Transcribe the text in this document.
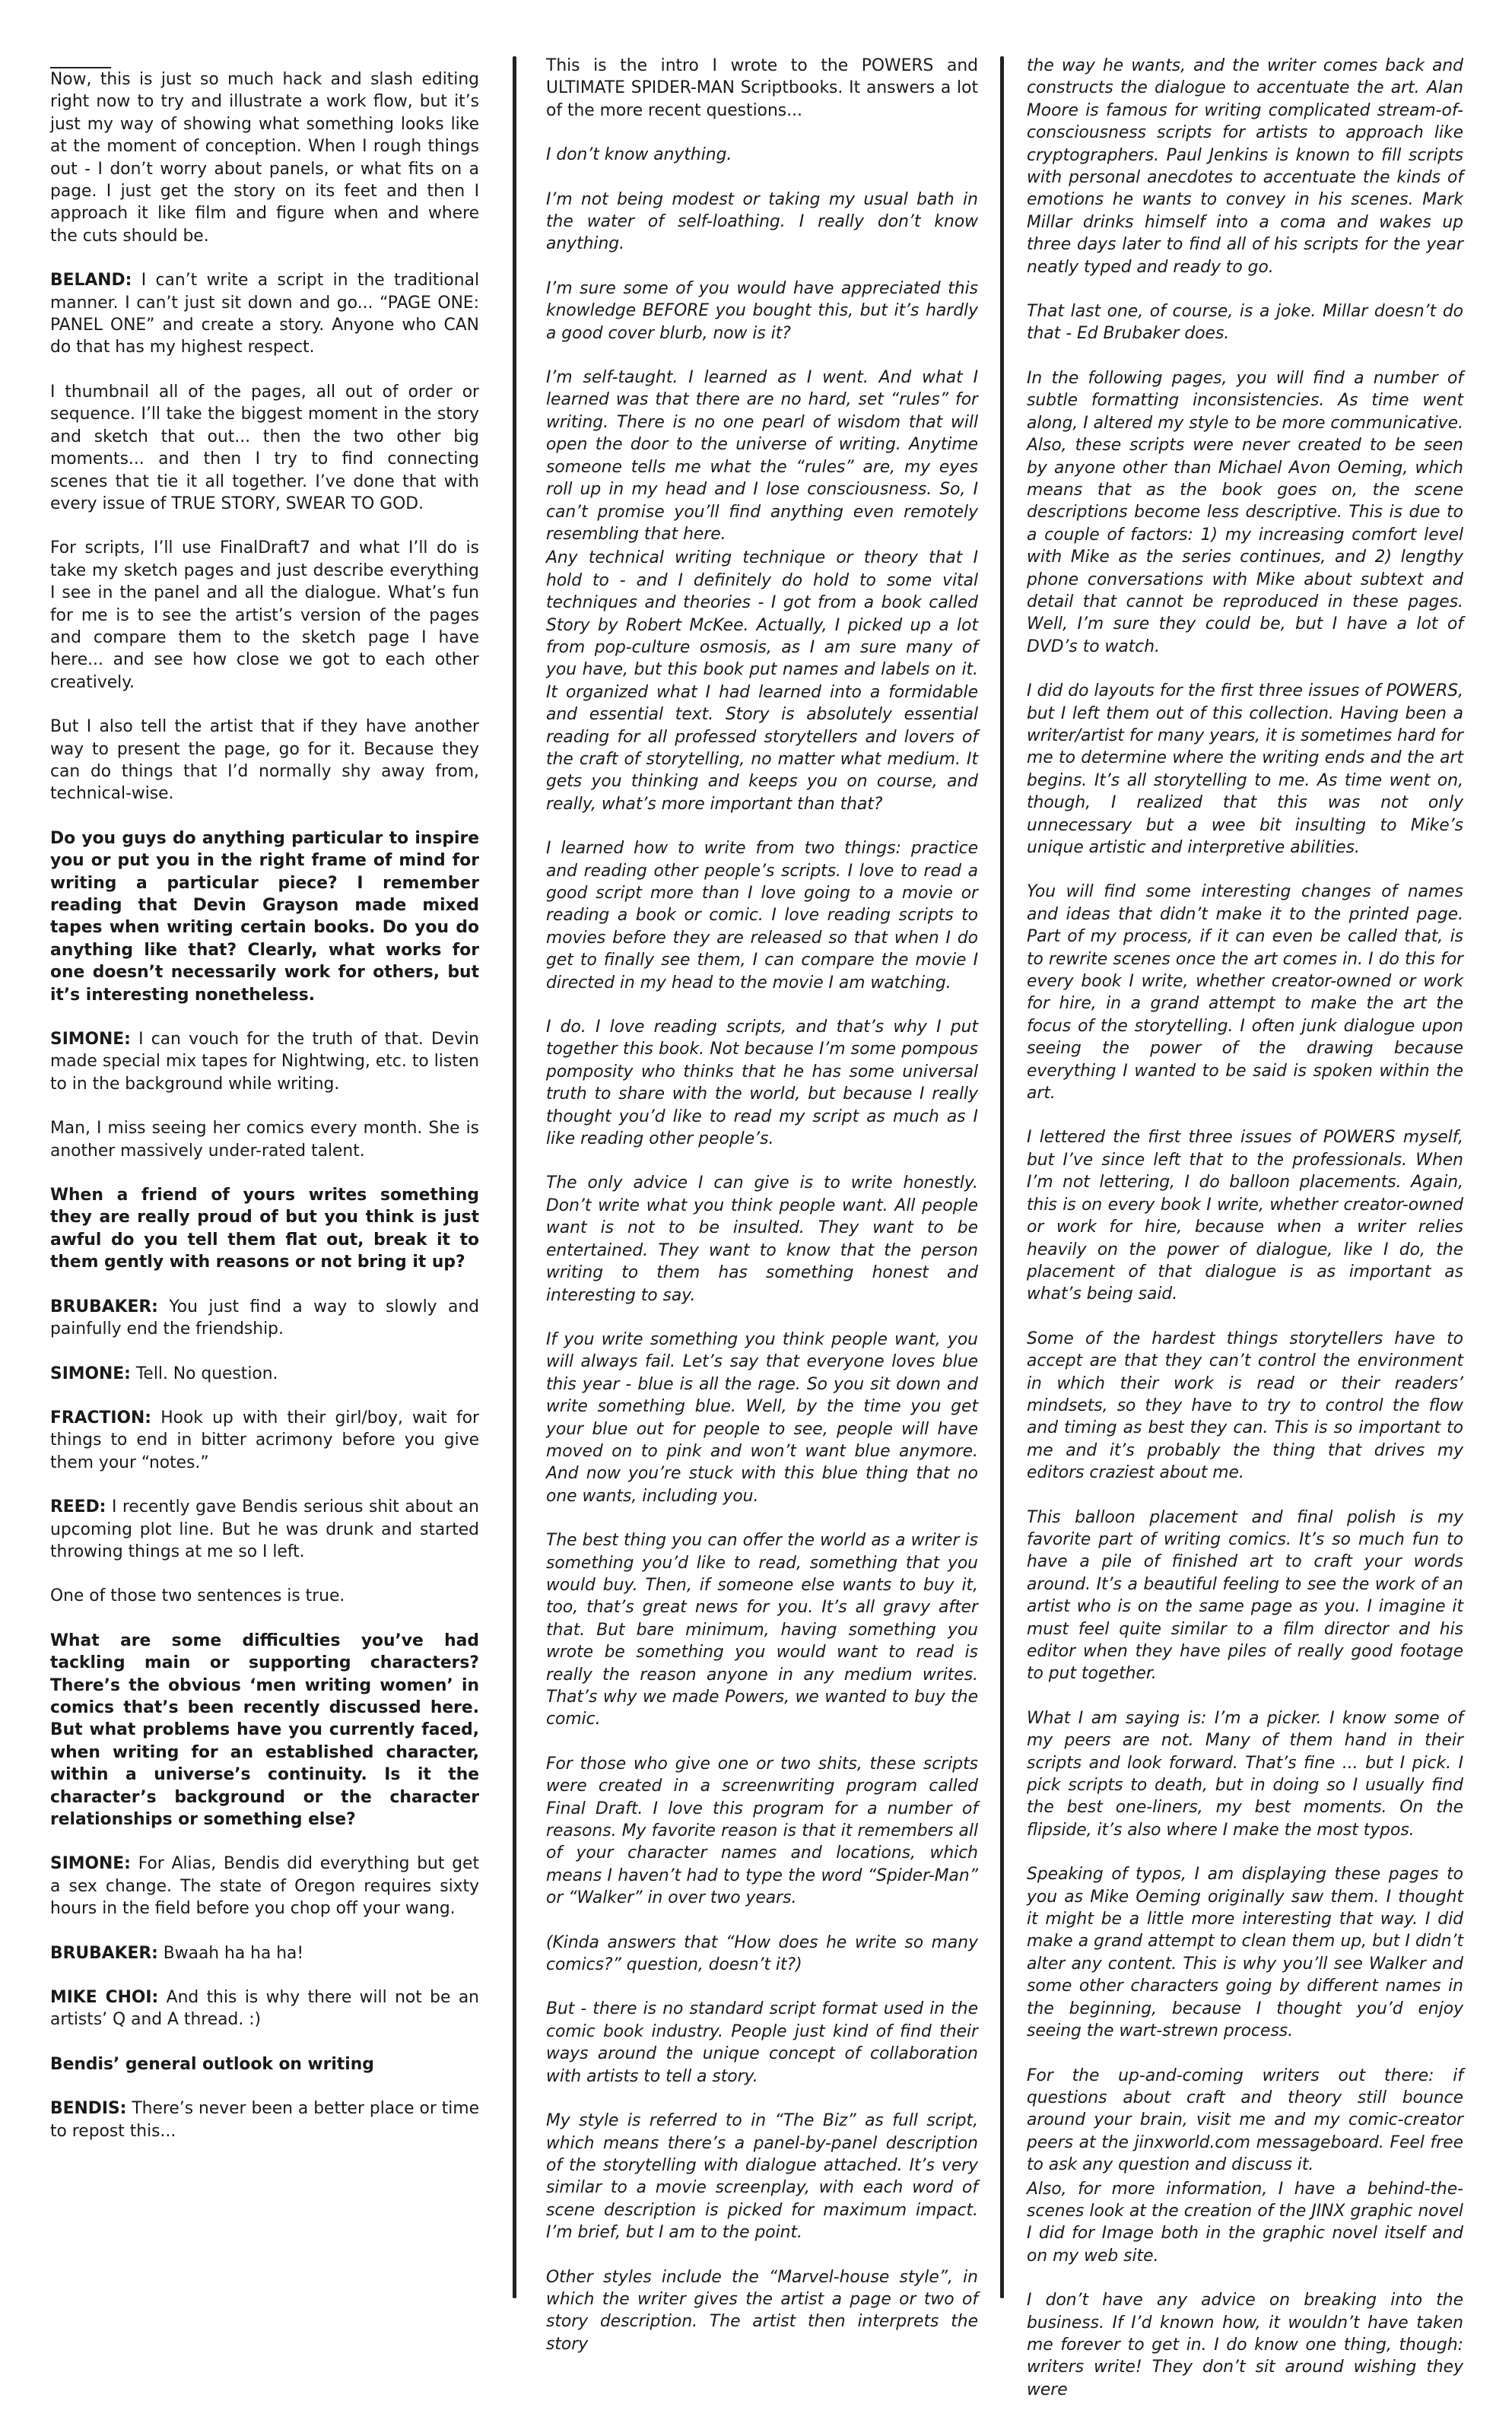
Now, this is just so much hack and slash editing right now to try and illustrate a work flow, but it’s just my way of showing what something looks like at the moment of conception. When I rough things out - I don’t worry about panels, or what fits on a page. I just get the story on its feet and then I approach it like film and figure when and where the cuts should be.

BELAND: I can’t write a script in the traditional manner. I can’t just sit down and go... “PAGE ONE: PANEL ONE” and create a story. Anyone who CAN do that has my highest respect.

I thumbnail all of the pages, all out of order or sequence. I’ll take the biggest moment in the story and sketch that out... then the two other big moments... and then I try to find connecting scenes that tie it all together. I’ve done that with every issue of TRUE STORY, SWEAR TO GOD.

For scripts, I’ll use FinalDraft7 and what I’ll do is take my sketch pages and just describe everything I see in the panel and all the dialogue. What’s fun for me is to see the artist’s version of the pages and compare them to the sketch page I have here... and see how close we got to each other creatively.

But I also tell the artist that if they have another way to present the page, go for it. Because they can do things that I’d normally shy away from, technical-wise.

Do you guys do anything particular to inspire you or put you in the right frame of mind for writing a particular piece? I remember reading that Devin Grayson made mixed tapes when writing certain books. Do you do anything like that? Clearly, what works for one doesn’t necessarily work for others, but it’s interesting nonetheless.

SIMONE: I can vouch for the truth of that. Devin made special mix tapes for Nightwing, etc. to listen to in the background while writing.

Man, I miss seeing her comics every month. She is another massively under-rated talent.

When a friend of yours writes something they are really proud of but you think is just awful do you tell them flat out, break it to them gently with reasons or not bring it up?

BRUBAKER: You just find a way to slowly and painfully end the friendship.

SIMONE: Tell. No question.

FRACTION: Hook up with their girl/boy, wait for things to end in bitter acrimony before you give them your “notes.”

REED: I recently gave Bendis serious shit about an upcoming plot line. But he was drunk and started throwing things at me so I left.

One of those two sentences is true.

What are some difficulties you’ve had tackling main or supporting characters? There’s the obvious ‘men writing women’ in comics that’s been recently discussed here. But what problems have you currently faced, when writing for an established character, within a universe’s continuity. Is it the character’s background or the character relationships or something else?

SIMONE: For Alias, Bendis did everything but get a sex change. The state of Oregon requires sixty hours in the field before you chop off your wang.

BRUBAKER: Bwaah ha ha ha!

MIKE CHOI: And this is why there will not be an artists’ Q and A thread. :)

Bendis’ general outlook on writing

BENDIS: There’s never been a better place or time to repost this...

This is the intro I wrote to the POWERS and ULTIMATE SPIDER-MAN Scriptbooks. It answers a lot of the more recent questions...

I don’t know anything.

I’m not being modest or taking my usual bath in the water of self-loathing. I really don’t know anything.

I’m sure some of you would have appreciated this knowledge BEFORE you bought this, but it’s hardly a good cover blurb, now is it?

I’m self-taught. I learned as I went. And what I learned was that there are no hard, set “rules” for writing. There is no one pearl of wisdom that will open the door to the universe of writing. Anytime someone tells me what the “rules” are, my eyes roll up in my head and I lose consciousness. So, I can’t promise you’ll find anything even remotely resembling that here.

Any technical writing technique or theory that I hold to - and I definitely do hold to some vital techniques and theories - I got from a book called Story by Robert McKee. Actually, I picked up a lot from pop-culture osmosis, as I am sure many of you have, but this book put names and labels on it. It organized what I had learned into a formidable and essential text. Story is absolutely essential reading for all professed storytellers and lovers of the craft of storytelling, no matter what medium. It gets you thinking and keeps you on course, and really, what’s more important than that?

I learned how to write from two things: practice and reading other people’s scripts. I love to read a good script more than I love going to a movie or reading a book or comic. I love reading scripts to movies before they are released so that when I do get to finally see them, I can compare the movie I directed in my head to the movie I am watching.

I do. I love reading scripts, and that’s why I put together this book. Not because I’m some pompous pomposity who thinks that he has some universal truth to share with the world, but because I really thought you’d like to read my script as much as I like reading other people’s.

The only advice I can give is to write honestly. Don’t write what you think people want. All people want is not to be insulted. They want to be entertained. They want to know that the person writing to them has something honest and interesting to say.

If you write something you think people want, you will always fail. Let’s say that everyone loves blue this year - blue is all the rage. So you sit down and write something blue. Well, by the time you get your blue out for people to see, people will have moved on to pink and won’t want blue anymore. And now you’re stuck with this blue thing that no one wants, including you.

The best thing you can offer the world as a writer is something you’d like to read, something that you would buy. Then, if someone else wants to buy it, too, that’s great news for you. It’s all gravy after that. But bare minimum, having something you wrote be something you would want to read is really the reason anyone in any medium writes. That’s why we made Powers, we wanted to buy the comic.

For those who give one or two shits, these scripts were created in a screenwriting program called Final Draft. I love this program for a number of reasons. My favorite reason is that it remembers all of your character names and locations, which means I haven’t had to type the word “Spider-Man” or “Walker” in over two years.

(Kinda answers that “How does he write so many comics?” question, doesn’t it?)

But - there is no standard script format used in the comic book industry. People just kind of find their ways around the unique concept of collaboration with artists to tell a story.

My style is referred to in “The Biz” as full script, which means there’s a panel-by-panel description of the storytelling with dialogue attached. It’s very similar to a movie screenplay, with each word of scene description is picked for maximum impact. I’m brief, but I am to the point.

Other styles include the “Marvel-house style”, in which the writer gives the artist a page or two of story description. The artist then interprets the story

the way he wants, and the writer comes back and constructs the dialogue to accentuate the art. Alan Moore is famous for writing complicated stream-of-consciousness scripts for artists to approach like cryptographers. Paul Jenkins is known to fill scripts with personal anecdotes to accentuate the kinds of emotions he wants to convey in his scenes. Mark Millar drinks himself into a coma and wakes up three days later to find all of his scripts for the year neatly typed and ready to go.

That last one, of course, is a joke. Millar doesn’t do that - Ed Brubaker does.

In the following pages, you will find a number of subtle formatting inconsistencies. As time went along, I altered my style to be more communicative. Also, these scripts were never created to be seen by anyone other than Michael Avon Oeming, which means that as the book goes on, the scene descriptions become less descriptive. This is due to a couple of factors: 1) my increasing comfort level with Mike as the series continues, and 2) lengthy phone conversations with Mike about subtext and detail that cannot be reproduced in these pages. Well, I’m sure they could be, but I have a lot of DVD’s to watch.

I did do layouts for the first three issues of POWERS, but I left them out of this collection. Having been a writer/artist for many years, it is sometimes hard for me to determine where the writing ends and the art begins. It’s all storytelling to me. As time went on, though, I realized that this was not only unnecessary but a wee bit insulting to Mike’s unique artistic and interpretive abilities.

You will find some interesting changes of names and ideas that didn’t make it to the printed page. Part of my process, if it can even be called that, is to rewrite scenes once the art comes in. I do this for every book I write, whether creator-owned or work for hire, in a grand attempt to make the art the focus of the storytelling. I often junk dialogue upon seeing the power of the drawing because everything I wanted to be said is spoken within the art.

I lettered the first three issues of POWERS myself, but I’ve since left that to the professionals. When I’m not lettering, I do balloon placements. Again, this is on every book I write, whether creator-owned or work for hire, because when a writer relies heavily on the power of dialogue, like I do, the placement of that dialogue is as important as what’s being said.

Some of the hardest things storytellers have to accept are that they can’t control the environment in which their work is read or their readers’ mindsets, so they have to try to control the flow and timing as best they can. This is so important to me and it’s probably the thing that drives my editors craziest about me.

This balloon placement and final polish is my favorite part of writing comics. It’s so much fun to have a pile of finished art to craft your words around. It’s a beautiful feeling to see the work of an artist who is on the same page as you. I imagine it must feel quite similar to a film director and his editor when they have piles of really good footage to put together.

What I am saying is: I’m a picker. I know some of my peers are not. Many of them hand in their scripts and look forward. That’s fine ... but I pick. I pick scripts to death, but in doing so I usually find the best one-liners, my best moments. On the flipside, it’s also where I make the most typos.

Speaking of typos, I am displaying these pages to you as Mike Oeming originally saw them. I thought it might be a little more interesting that way. I did make a grand attempt to clean them up, but I didn’t alter any content. This is why you’ll see Walker and some other characters going by different names in the beginning, because I thought you’d enjoy seeing the wart-strewn process.

For the up-and-coming writers out there: if questions about craft and theory still bounce around your brain, visit me and my comic-creator peers at the jinxworld.com messageboard. Feel free to ask any question and discuss it.

Also, for more information, I have a behind-the-scenes look at the creation of the JINX graphic novel I did for Image both in the graphic novel itself and on my web site.

I don’t have any advice on breaking into the business. If I’d known how, it wouldn’t have taken me forever to get in. I do know one thing, though: writers write! They don’t sit around wishing they were
